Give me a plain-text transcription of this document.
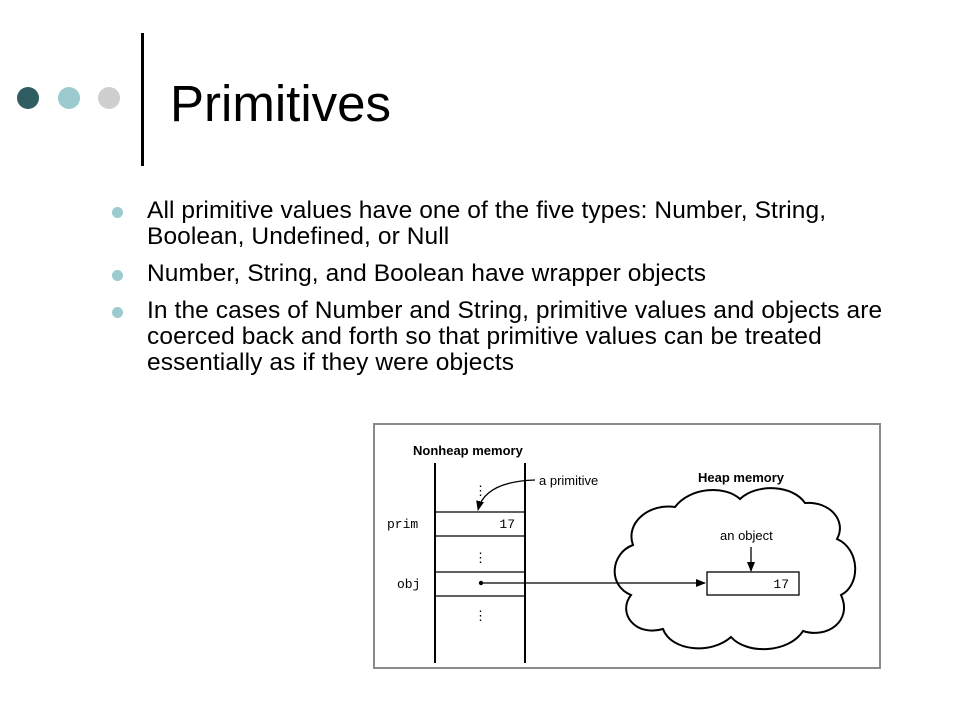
Primitives
All primitive values have one of the five types: Number, String, Boolean, Undefined, or Null
Number, String, and Boolean have wrapper objects
In the cases of Number and String, primitive values and objects are coerced back and forth so that primitive values can be treated essentially as if they were objects
Nonheap memory
⋮
⋮
⋮
prim	17
obj
a primitive	Heap memory
an object
17
